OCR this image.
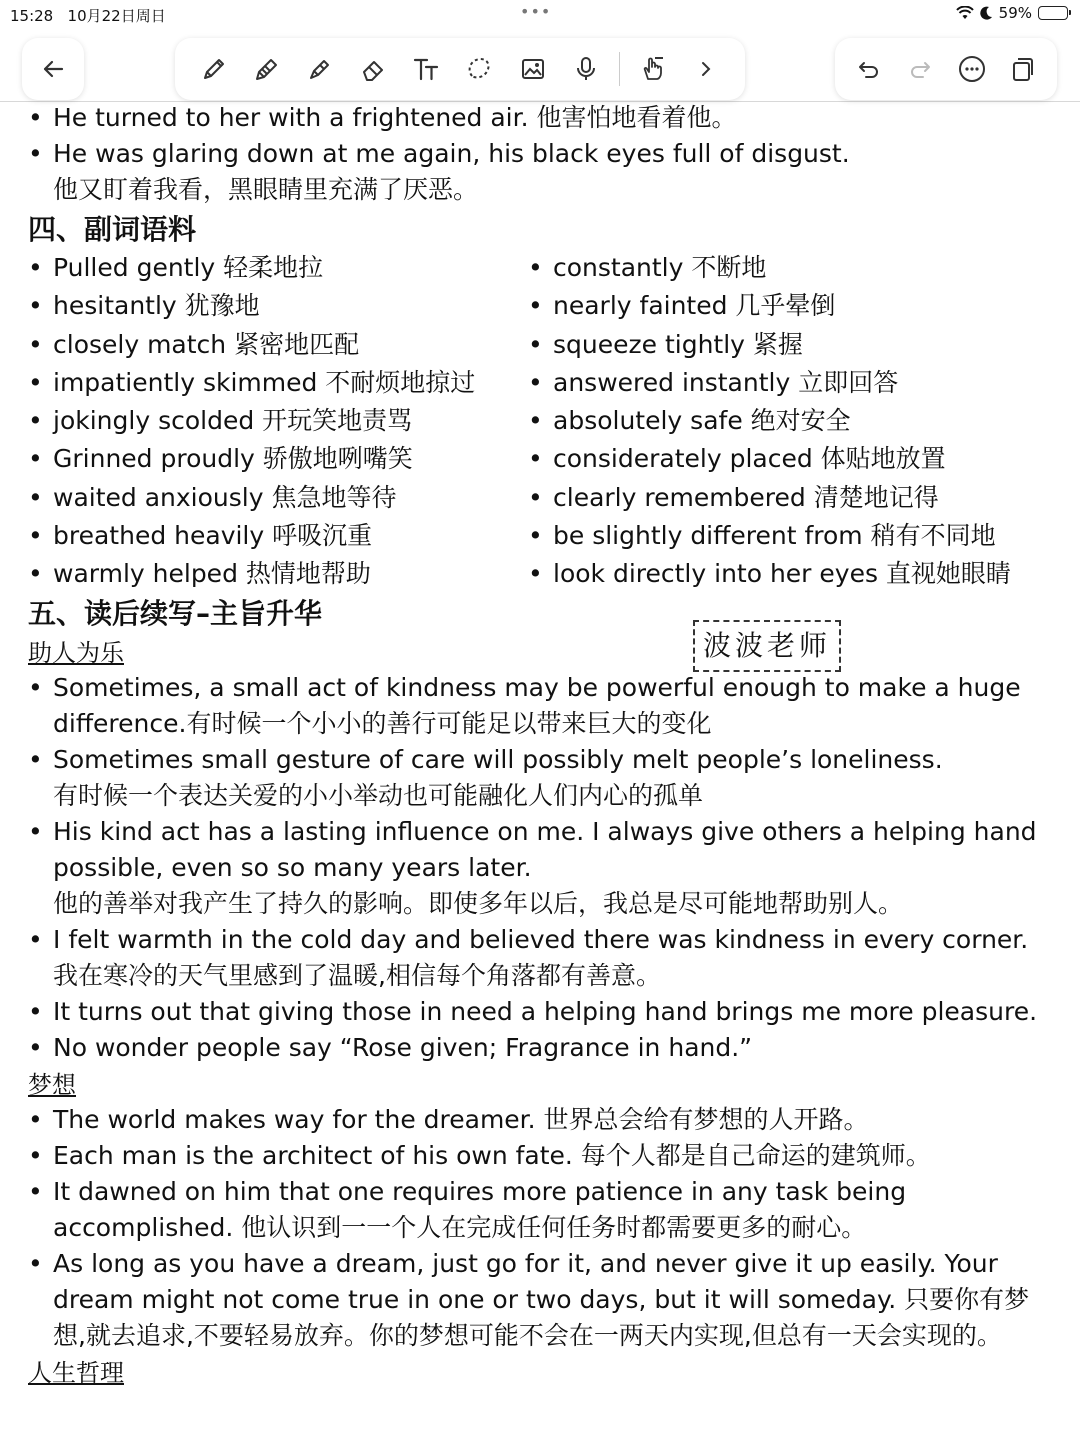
15:28 10月22日周日	•••	59%
• He turned to her with a frightened air. 他害怕地看着他。
• He was glaring down at me again, his black eyes full of disgust.
他又盯着我看，黑眼睛里充满了厌恶。
四、副词语料
• Pulled gently 轻柔地拉	• constantly 不断地
• hesitantly 犹豫地	• nearly fainted 几乎晕倒
• closely match 紧密地匹配	• squeeze tightly 紧握
• impatiently skimmed 不耐烦地掠过	• answered instantly 立即回答
• jokingly scolded 开玩笑地责骂	• absolutely safe 绝对安全
• Grinned proudly 骄傲地咧嘴笑	• considerately placed 体贴地放置
• waited anxiously 焦急地等待	• clearly remembered 清楚地记得
• breathed heavily 呼吸沉重	• be slightly different from 稍有不同地
• warmly helped 热情地帮助	• look directly into her eyes 直视她眼睛
五、读后续写–主旨升华
助人为乐
• Sometimes, a small act of kindness may be powerful enough to make a huge
difference.有时候一个小小的善行可能足以带来巨大的变化
• Sometimes small gesture of care will possibly melt people’s loneliness.
有时候一个表达关爱的小小举动也可能融化人们内心的孤单
• His kind act has a lasting influence on me. I always give others a helping hand
possible, even so so many years later.
他的善举对我产生了持久的影响。即使多年以后，我总是尽可能地帮助别人。
• I felt warmth in the cold day and believed there was kindness in every corner.
我在寒冷的天气里感到了温暖,相信每个角落都有善意。
• It turns out that giving those in need a helping hand brings me more pleasure.
• No wonder people say “Rose given; Fragrance in hand.”
梦想
• The world makes way for the dreamer. 世界总会给有梦想的人开路。
• Each man is the architect of his own fate. 每个人都是自己命运的建筑师。
• It dawned on him that one requires more patience in any task being
accomplished. 他认识到一一个人在完成任何任务时都需要更多的耐心。
• As long as you have a dream, just go for it, and never give it up easily. Your
dream might not come true in one or two days, but it will someday. 只要你有梦
想,就去追求,不要轻易放弃。你的梦想可能不会在一两天内实现,但总有一天会实现的。
人生哲理
波波老师
